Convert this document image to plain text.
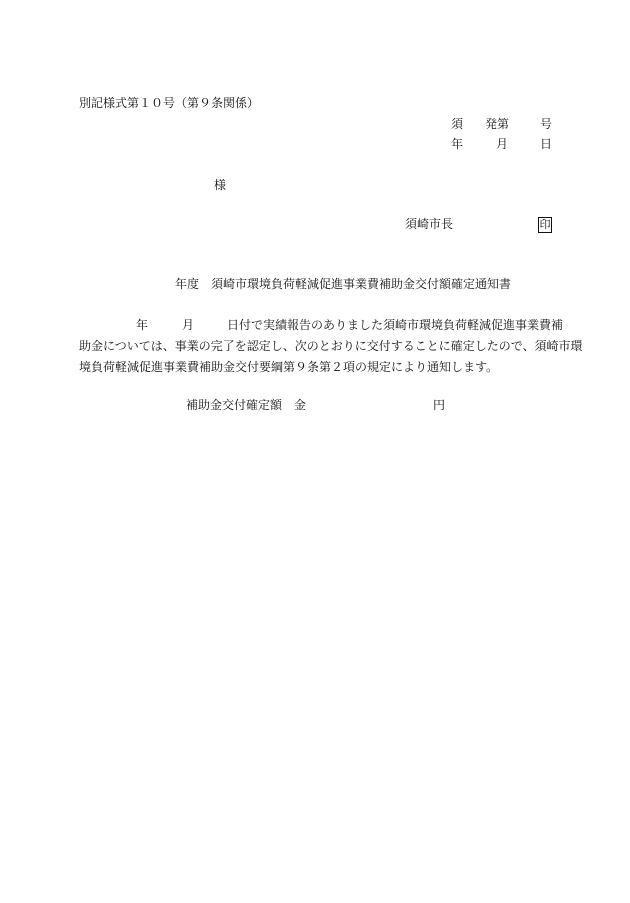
別記様式第１０号（第９条関係）
須 発第	号
年	月	日
様
須崎市長	印
年度　須崎市環境負荷軽減促進事業費補助金交付額確定通知書
年	月	日付で実績報告のありました須崎市環境負荷軽減促進事業費補
助金については、事業の完了を認定し、次のとおりに交付することに確定したので、須崎市環
境負荷軽減促進事業費補助金交付要綱第９条第２項の規定により通知します。
補助金交付確定額　金	円
